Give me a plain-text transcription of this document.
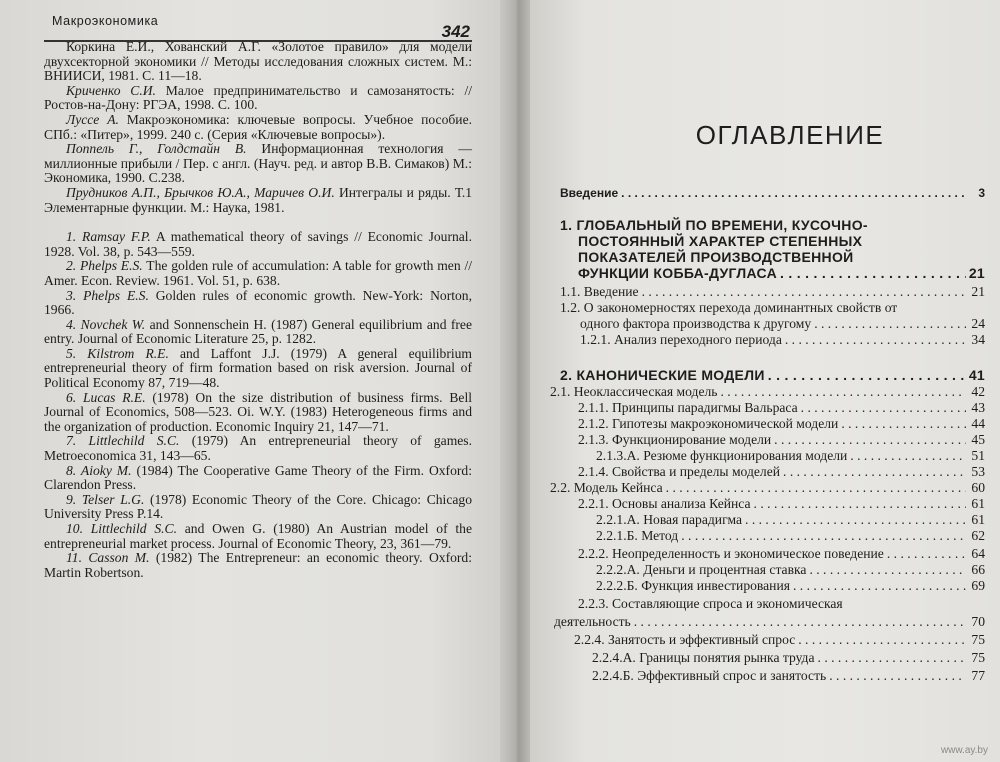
Макроэкономика
342

Коркина Е.И., Хованский А.Г. «Золотое правило» для модели двухсекторной экономики // Методы исследования сложных систем. М.: ВНИИСИ, 1981. С. 11—18.

Криченко С.И. Малое предпринимательство и самозанятость: // Ростов-на-Дону: РГЭА, 1998. С. 100.

Лусcе А. Макроэкономика: ключевые вопросы. Учебное пособие. СПб.: «Питер», 1999. 240 с. (Серия «Ключевые вопросы»).

Поппель Г., Голдстайн В. Информационная технология — миллионные прибыли / Пер. с англ. (Науч. ред. и автор В.В. Симаков) М.: Экономика, 1990. С.238.

Прудников А.П., Брычков Ю.А., Маричев О.И. Интегралы и ряды. Т.1 Элементарные функции. М.: Наука, 1981.

1. Ramsay F.P. A mathematical theory of savings // Economic Journal. 1928. Vol. 38, p. 543—559.

2. Phelps E.S. The golden rule of accumulation: A table for growth men // Amer. Econ. Review. 1961. Vol. 51, p. 638.

3. Phelps E.S. Golden rules of economic growth. New-York: Norton, 1966.

4. Novchek W. and Sonnenschein H. (1987) General equilibrium and free entry. Journal of Economic Literature 25, p. 1282.

5. Kilstrom R.E. and Laffont J.J. (1979) A general equilibrium entrepreneurial theory of firm formation based on risk aversion. Journal of Political Economy 87, 719—48.

6. Lucas R.E. (1978) On the size distribution of business firms. Bell Journal of Economics, 508—523. Oi. W.Y. (1983) Heterogeneous firms and the organization of production. Economic Inquiry 21, 147—71.

7. Littlechild S.C. (1979) An entrepreneurial theory of games. Metroeconomica 31, 143—65.

8. Aioky M. (1984) The Cooperative Game Theory of the Firm. Oxford: Clarendon Press.

9. Telser L.G. (1978) Economic Theory of the Core. Chicago: Chicago University Press P.14.

10. Littlechild S.C. and Owen G. (1980) An Austrian model of the entrepreneurial market process. Journal of Economic Theory, 23, 361—79.

11. Casson M. (1982) The Entrepreneur: an economic theory. Oxford: Martin Robertson.

ОГЛАВЛЕНИЕ
Введение . . .	3
1. ГЛОБАЛЬНЫЙ ПО ВРЕМЕНИ, КУСОЧНО-
ПОСТОЯННЫЙ ХАРАКТЕР СТЕПЕННЫХ
ПОКАЗАТЕЛЕЙ ПРОИЗВОДСТВЕННОЙ
ФУНКЦИИ КОББА-ДУГЛАСА . . .	21
1.1. Введение . . .	21
1.2. О закономерностях перехода доминантных свойств от
одного фактора производства к другому . . .	24
1.2.1. Анализ переходного периода . . .	34
2. КАНОНИЧЕСКИЕ МОДЕЛИ . . .	41
2.1. Неоклассическая модель . . .	42
2.1.1. Принципы парадигмы Вальраса . . .	43
2.1.2. Гипотезы макроэкономической модели . . .	44
2.1.3. Функционирование модели . . .	45
2.1.3.А. Резюме функционирования модели . . .	51
2.1.4. Свойства и пределы моделей . . .	53
2.2. Модель Кейнса . . .	60
2.2.1. Основы анализа Кейнса . . .	61
2.2.1.А. Новая парадигма . . .	61
2.2.1.Б. Метод . . .	62
2.2.2. Неопределенность и экономическое поведение . . .	64
2.2.2.А. Деньги и процентная ставка . . .	66
2.2.2.Б. Функция инвестирования . . .	69
2.2.3. Составляющие спроса и экономическая
деятельность . . .	70
2.2.4. Занятость и эффективный спрос . . .	75
2.2.4.А. Границы понятия рынка труда . . .	75
2.2.4.Б. Эффективный спрос и занятость . . .	77
www.ay.by
